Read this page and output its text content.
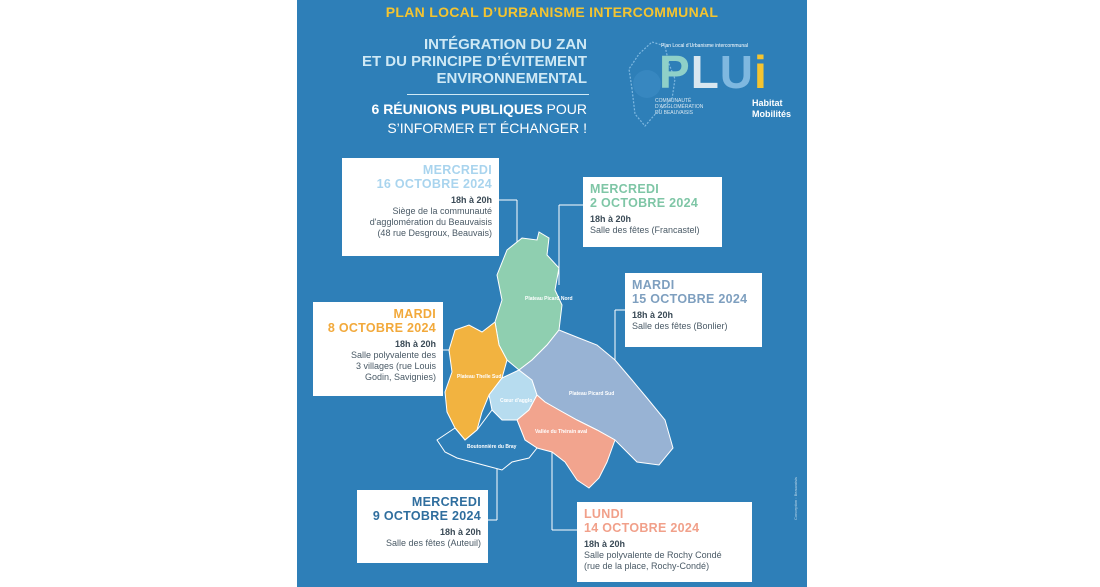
PLAN LOCAL D’URBANISME INTERCOMMUNAL
INTÉGRATION DU ZAN
ET DU PRINCIPE D’ÉVITEMENT
ENVIRONNEMENTAL
6 RÉUNIONS PUBLIQUES POUR
S’INFORMER ET ÉCHANGER !
Plan Local d’Urbanisme intercommunal
PLUi
COMMUNAUTÉ D'AGGLOMÉRATION DU BEAUVAISIS
Habitat
Mobilités
Plateau Picard Nord
Plateau Thelle Sud
Cœur d'agglo
Plateau Picard Sud
Vallée du Thérain aval
Boutonnière du Bray
MERCREDI
16 OCTOBRE 2024
18h à 20h
Siège de la communauté
d'agglomération du Beauvaisis
(48 rue Desgroux, Beauvais)
MERCREDI
2 OCTOBRE 2024
18h à 20h
Salle des fêtes (Francastel)
MARDI
15 OCTOBRE 2024
18h à 20h
Salle des fêtes (Bonlier)
MARDI
8 OCTOBRE 2024
18h à 20h
Salle polyvalente des
3 villages (rue Louis
Godin, Savignies)
MERCREDI
9 OCTOBRE 2024
18h à 20h
Salle des fêtes (Auteuil)
LUNDI
14 OCTOBRE 2024
18h à 20h
Salle polyvalente de Rochy Condé
(rue de la place, Rochy-Condé)
Conception : Beauvaisis
